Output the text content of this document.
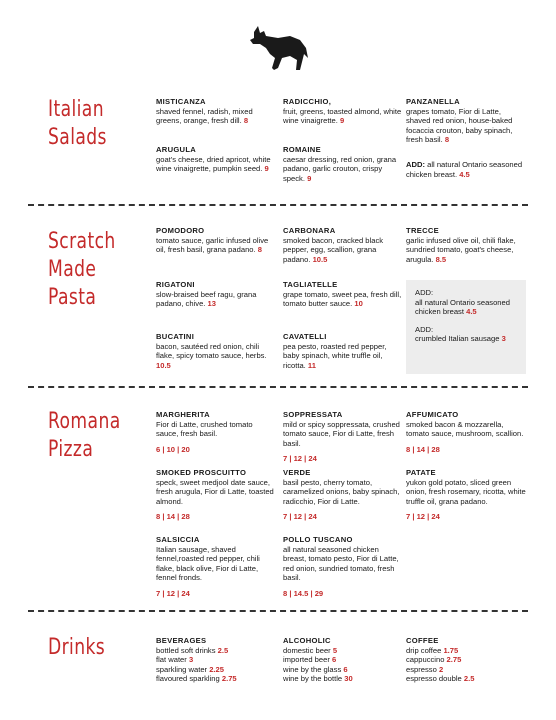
Italian
Salads
MISTICANZA
shaved fennel, radish, mixed greens, orange, fresh dill. 8
ARUGULA
goat's cheese, dried apricot, white wine vinaigrette, pumpkin seed. 9
RADICCHIO,
fruit, greens, toasted almond, white wine vinaigrette. 9
ROMAINE
caesar dressing, red onion, grana padano, garlic crouton, crispy speck. 9
PANZANELLA
grapes tomato, Fior di Latte, shaved red onion, house-baked focaccia crouton, baby spinach, fresh basil. 8
ADD: all natural Ontario seasoned chicken breast. 4.5
Scratch
Made
Pasta
POMODORO
tomato sauce, garlic infused olive oil, fresh basil, grana padano. 8
RIGATONI
slow-braised beef ragu, grana padano, chive. 13
BUCATINI
bacon, sautéed red onion, chili flake, spicy tomato sauce, herbs. 10.5
CARBONARA
smoked bacon, cracked black pepper, egg, scallion, grana padano. 10.5
TAGLIATELLE
grape tomato, sweet pea, fresh dill, tomato butter sauce. 10
CAVATELLI
pea pesto, roasted red pepper, baby spinach, white truffle oil, ricotta. 11
TRECCE
garlic infused olive oil, chili flake, sundried tomato, goat's cheese, arugula. 8.5
ADD:
all natural Ontario seasoned chicken breast 4.5
ADD:
crumbled Italian sausage 3
Romana
Pizza
MARGHERITA
Fior di Latte, crushed tomato sauce, fresh basil.
6 | 10 | 20
SMOKED PROSCUITTO
speck, sweet medjool date sauce, fresh arugula, Fior di Latte, toasted almond.
8 | 14 | 28
SALSICCIA
Italian sausage, shaved fennel,roasted red pepper, chili flake, black olive, Fior di Latte, fennel fronds.
7 | 12 | 24
SOPPRESSATA
mild or spicy soppressata, crushed tomato sauce, Fior di Latte, fresh basil.
7 | 12 | 24
VERDE
basil pesto, cherry tomato, caramelized onions, baby spinach, radicchio, Fior di Latte.
7 | 12 | 24
POLLO TUSCANO
all natural seasoned chicken breast, tomato pesto, Fior di Latte, red onion, sundried tomato, fresh basil.
8 | 14.5 | 29
AFFUMICATO
smoked bacon & mozzarella, tomato sauce, mushroom, scallion.
8 | 14 | 28
PATATE
yukon gold potato, sliced green onion, fresh rosemary, ricotta, white truffle oil, grana padano.
7 | 12 | 24
Drinks	BEVERAGES
bottled soft drinks 2.5
flat water 3
sparkling water 2.25
flavoured sparkling 2.75
ALCOHOLIC
domestic beer 5
imported beer 6
wine by the glass 6
wine by the bottle 30
COFFEE
drip coffee 1.75
cappuccino 2.75
espresso 2
espresso double 2.5
